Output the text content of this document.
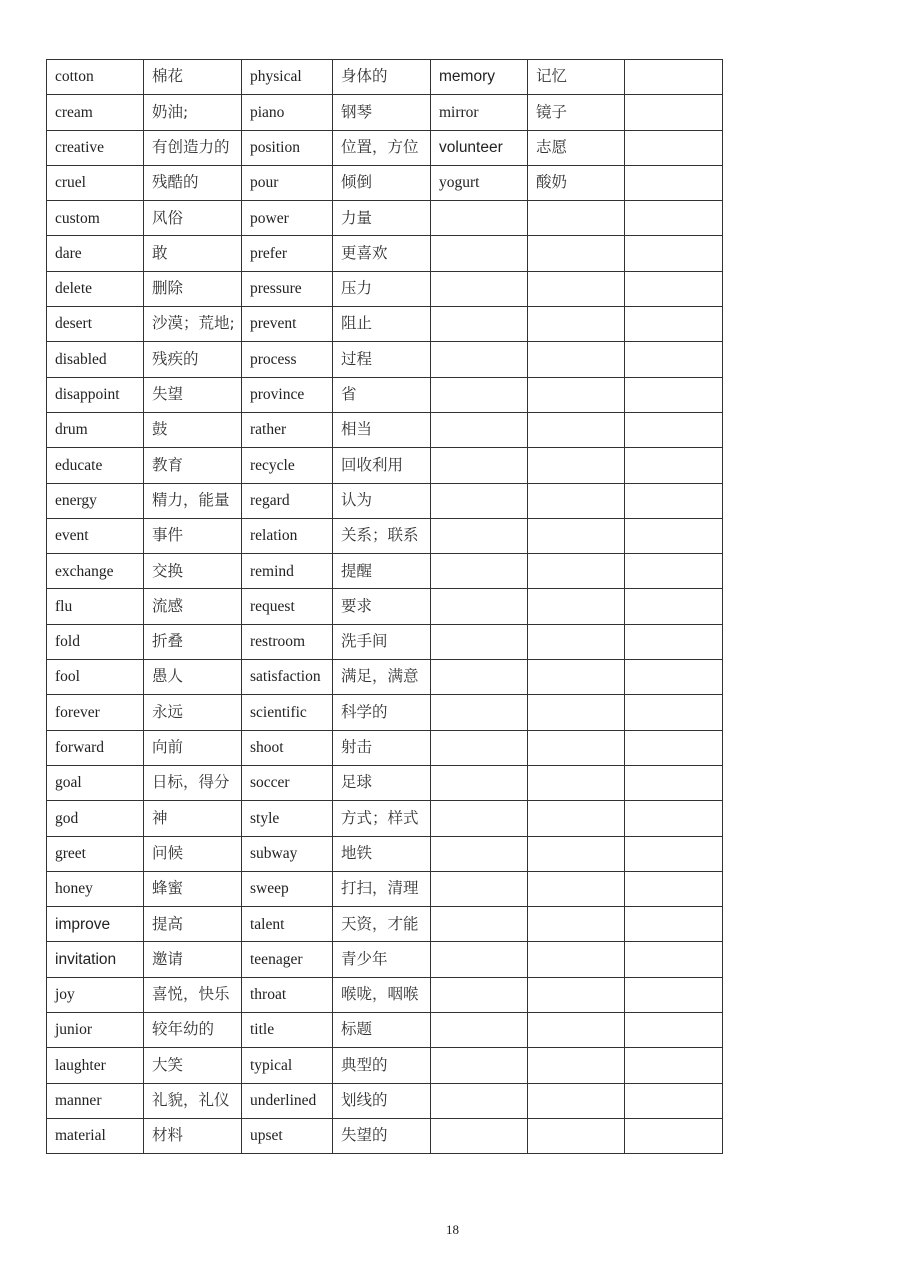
cotton	棉花	physical	身体的	memory	记忆	
cream	奶油;	piano	钢琴	mirror	镜子	
creative	有创造力的	position	位置，方位	volunteer	志愿	
cruel	残酷的	pour	倾倒	yogurt	酸奶	
custom	风俗	power	力量			
dare	敢	prefer	更喜欢			
delete	删除	pressure	压力			
desert	沙漠；荒地;	prevent	阻止			
disabled	残疾的	process	过程			
disappoint	失望	province	省			
drum	鼓	rather	相当			
educate	教育	recycle	回收利用			
energy	精力，能量	regard	认为			
event	事件	relation	关系；联系			
exchange	交换	remind	提醒			
flu	流感	request	要求			
fold	折叠	restroom	洗手间			
fool	愚人	satisfaction	满足，满意			
forever	永远	scientific	科学的			
forward	向前	shoot	射击			
goal	日标，得分	soccer	足球			
god	神	style	方式；样式			
greet	问候	subway	地铁			
honey	蜂蜜	sweep	打扫，清理			
improve	提高	talent	天资，才能			
invitation	邀请	teenager	青少年			
joy	喜悦，快乐	throat	喉咙，咽喉			
junior	较年幼的	title	标题			
laughter	大笑	typical	典型的			
manner	礼貌，礼仪	underlined	划线的			
material	材料	upset	失望的			
18
